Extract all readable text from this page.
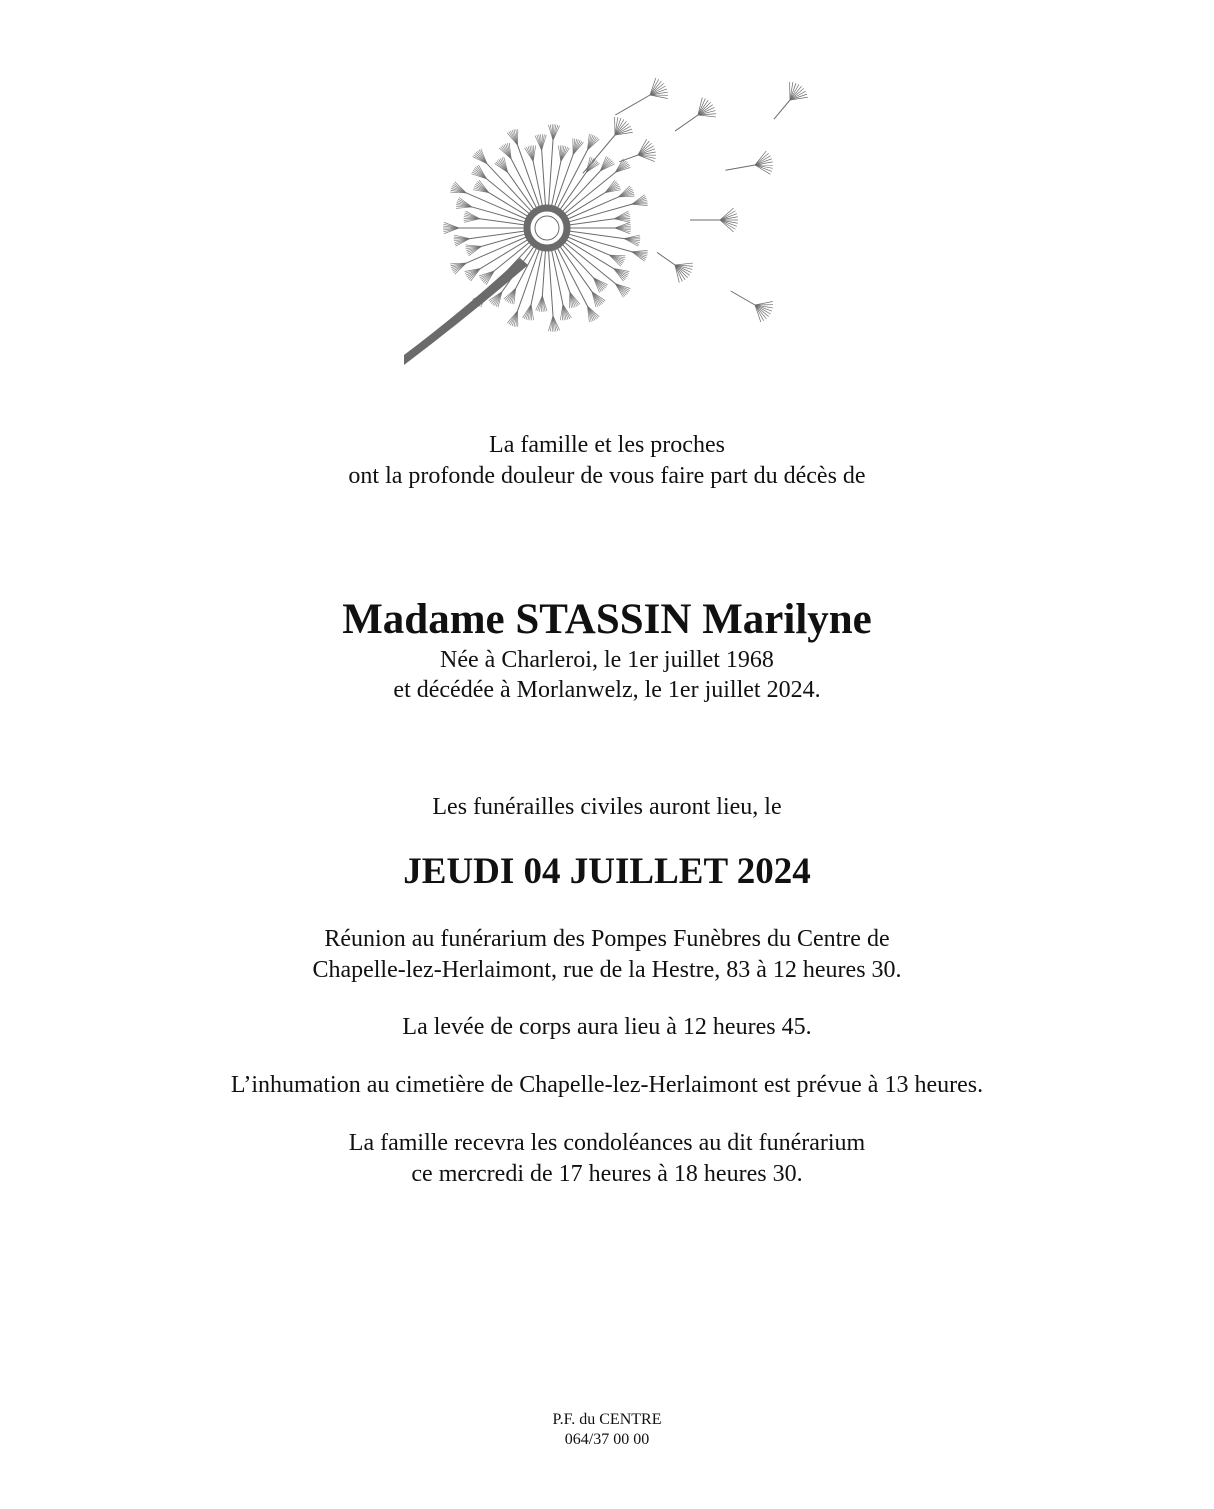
La famille et les proches
ont la profonde douleur de vous faire part du décès de
Madame STASSIN Marilyne
Née à Charleroi, le 1er juillet 1968
et décédée à Morlanwelz, le 1er juillet 2024.
Les funérailles civiles auront lieu, le
JEUDI 04 JUILLET 2024
Réunion au funérarium des Pompes Funèbres du Centre de
Chapelle-lez-Herlaimont, rue de la Hestre, 83 à 12 heures 30.
La levée de corps aura lieu à 12 heures 45.
L’inhumation au cimetière de Chapelle-lez-Herlaimont est prévue à 13 heures.
La famille recevra les condoléances au dit funérarium
ce mercredi de 17 heures à 18 heures 30.
P.F. du CENTRE
064/37 00 00
